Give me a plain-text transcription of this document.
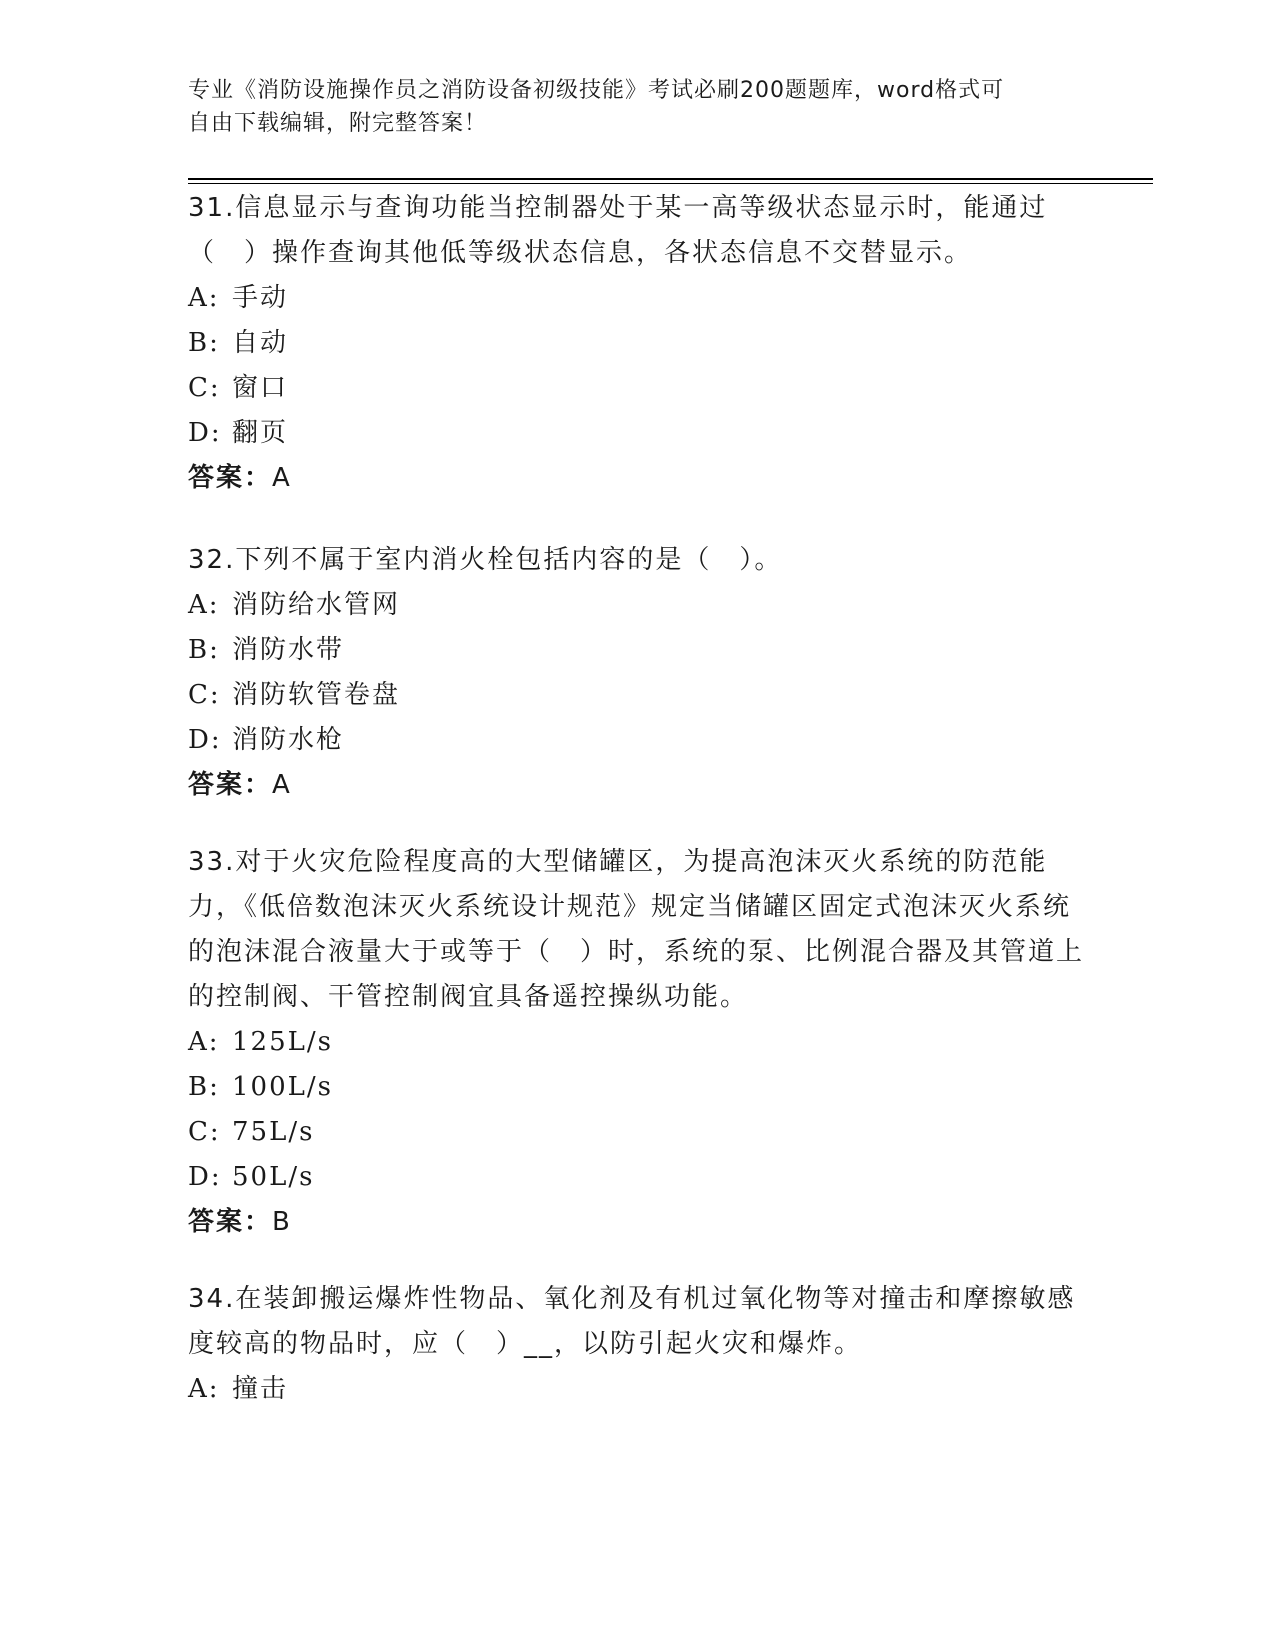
专业《消防设施操作员之消防设备初级技能》考试必刷200题题库，word格式可
自由下载编辑，附完整答案！

31.信息显示与查询功能当控制器处于某一高等级状态显示时，能通过（　）操作查询其他低等级状态信息，各状态信息不交替显示。

A: 手动
B: 自动
C: 窗口
D: 翻页
答案：A

32.下列不属于室内消火栓包括内容的是（　）。

A: 消防给水管网
B: 消防水带
C: 消防软管卷盘
D: 消防水枪
答案：A

33.对于火灾危险程度高的大型储罐区，为提高泡沫灭火系统的防范能力，《低倍数泡沫灭火系统设计规范》规定当储罐区固定式泡沫灭火系统的泡沫混合液量大于或等于（　）时，系统的泵、比例混合器及其管道上的控制阀、干管控制阀宜具备遥控操纵功能。

A: 125L/s
B: 100L/s
C: 75L/s
D: 50L/s
答案：B

34.在装卸搬运爆炸性物品、氧化剂及有机过氧化物等对撞击和摩擦敏感度较高的物品时，应（　）__，以防引起火灾和爆炸。

A: 撞击
